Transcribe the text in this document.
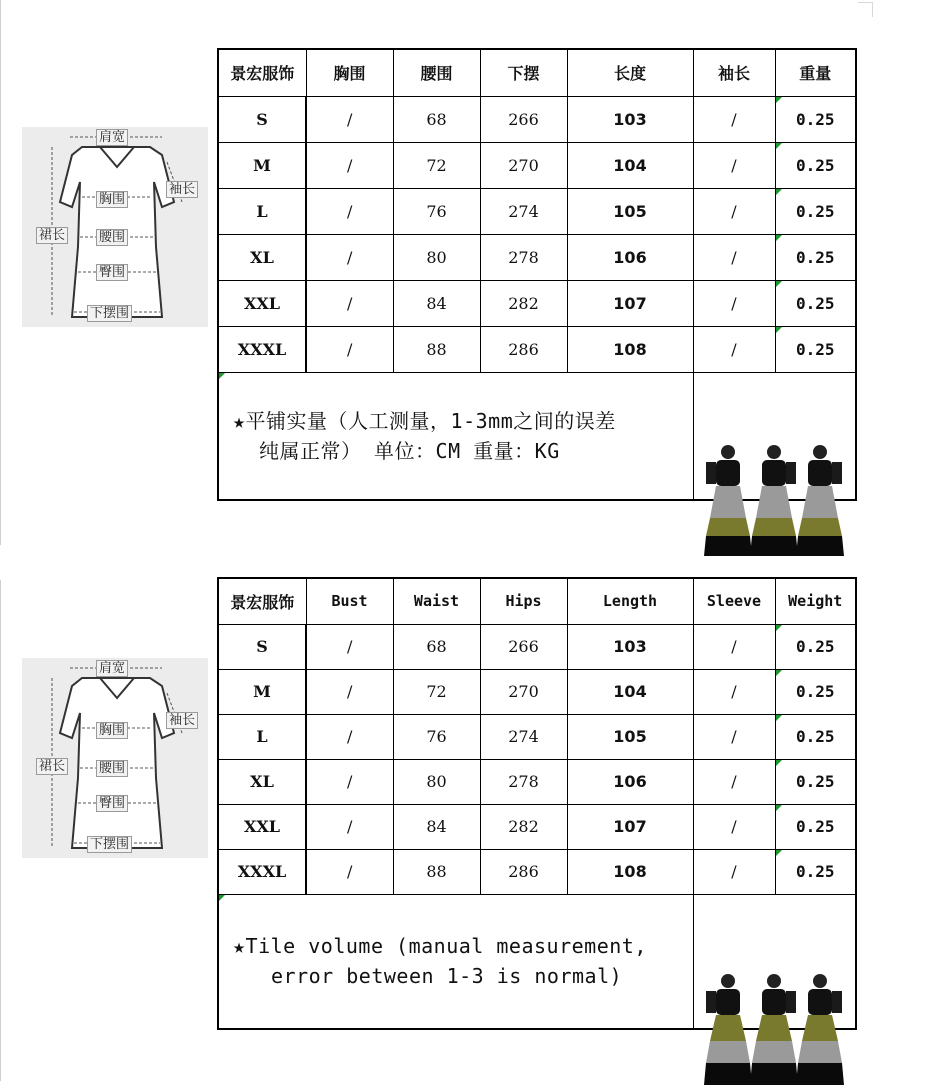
肩宽
袖长
胸围
裙长	腰围
臀围
下摆围
景宏服饰	胸围	腰围	下摆	长度	袖长	重量
S	/	68	266	103	/	0.25
M	/	72	270	104	/	0.25
L	/	76	274	105	/	0.25
XL	/	80	278	106	/	0.25
XXL	/	84	282	107	/	0.25
XXXL	/	88	286	108	/	0.25
★平铺实量（人工测量，1-3mm之间的误差
纯属正常） 单位：CM 重量：KG

肩宽
袖长
胸围
裙长	腰围
臀围
下摆围
景宏服饰	Bust	Waist	Hips	Length	Sleeve	Weight
S	/	68	266	103	/	0.25
M	/	72	270	104	/	0.25
L	/	76	274	105	/	0.25
XL	/	80	278	106	/	0.25
XXL	/	84	282	107	/	0.25
XXXL	/	88	286	108	/	0.25
★Tile volume (manual measurement,
error between 1-3 is normal)
